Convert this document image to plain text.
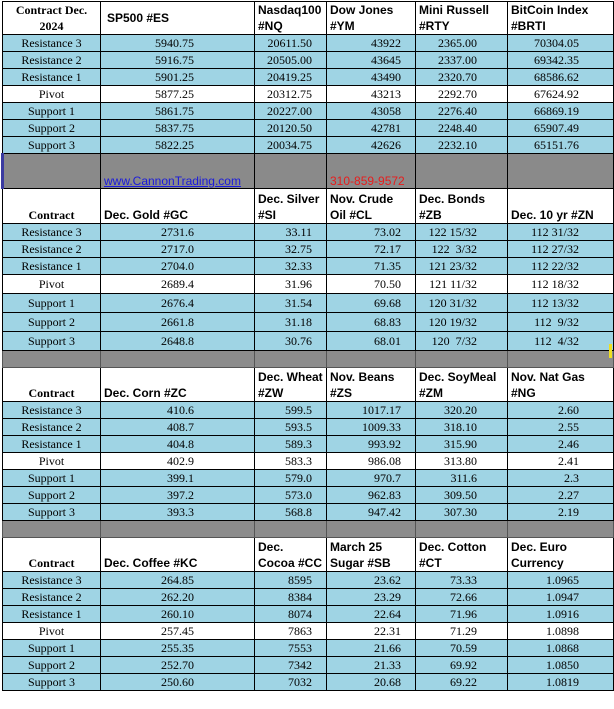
Contract Dec. 2024	SP500 #ES	Nasdaq100 #NQ	Dow Jones #YM	Mini Russell #RTY	BitCoin Index #BRTI
Resistance 3	5940.75	20611.50	43922	2365.00	70304.05
Resistance 2	5916.75	20505.00	43645	2337.00	69342.35
Resistance 1	5901.25	20419.25	43490	2320.70	68586.62
Pivot	5877.25	20312.75	43213	2292.70	67624.92
Support 1	5861.75	20227.00	43058	2276.40	66869.19
Support 2	5837.75	20120.50	42781	2248.40	65907.49
Support 3	5822.25	20034.75	42626	2232.10	65151.76
	www.CannonTrading.com		310-859-9572		
Contract	Dec. Gold #GC	Dec. Silver #SI	Nov. Crude Oil #CL	Dec. Bonds #ZB	Dec. 10 yr #ZN
Resistance 3	2731.6	33.11	73.02	122 15/32	112 31/32
Resistance 2	2717.0	32.75	72.17	122  3/32	112 27/32
Resistance 1	2704.0	32.33	71.35	121 23/32	112 22/32
Pivot	2689.4	31.96	70.50	121 11/32	112 18/32
Support 1	2676.4	31.54	69.68	120 31/32	112 13/32
Support 2	2661.8	31.18	68.83	120 19/32	112  9/32
Support 3	2648.8	30.76	68.01	120  7/32	112  4/32

Contract	Dec. Corn #ZC	Dec. Wheat #ZW	Nov. Beans #ZS	Dec. SoyMeal #ZM	Nov. Nat Gas #NG
Resistance 3	410.6	599.5	1017.17	320.20	2.60
Resistance 2	408.7	593.5	1009.33	318.10	2.55
Resistance 1	404.8	589.3	993.92	315.90	2.46
Pivot	402.9	583.3	986.08	313.80	2.41
Support 1	399.1	579.0	970.7	311.6	2.3
Support 2	397.2	573.0	962.83	309.50	2.27
Support 3	393.3	568.8	947.42	307.30	2.19

Contract	Dec. Coffee #KC	Dec. Cocoa #CC	March 25 Sugar #SB	Dec. Cotton #CT	Dec. Euro Currency
Resistance 3	264.85	8595	23.62	73.33	1.0965
Resistance 2	262.20	8384	23.29	72.66	1.0947
Resistance 1	260.10	8074	22.64	71.96	1.0916
Pivot	257.45	7863	22.31	71.29	1.0898
Support 1	255.35	7553	21.66	70.59	1.0868
Support 2	252.70	7342	21.33	69.92	1.0850
Support 3	250.60	7032	20.68	69.22	1.0819
